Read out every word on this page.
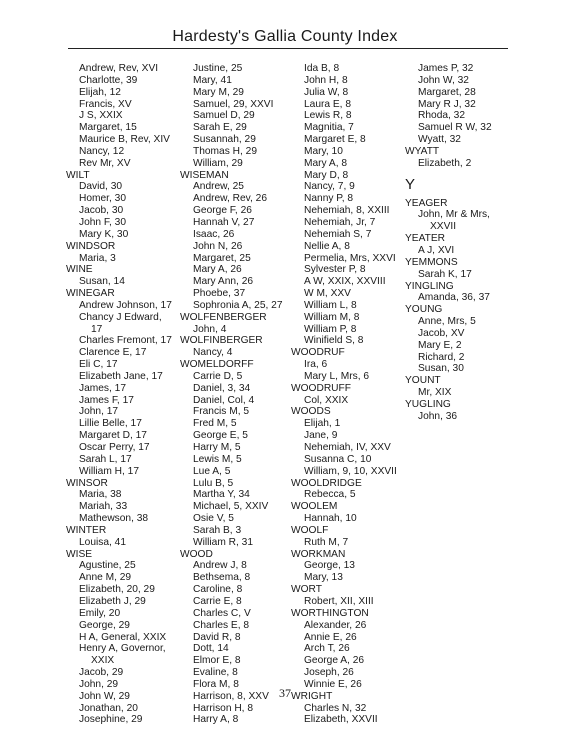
Hardesty's Gallia County Index
Andrew, Rev, XVI
Charlotte, 39
Elijah, 12
Francis, XV
J S, XXIX
Margaret, 15
Maurice B, Rev, XIV
Nancy, 12
Rev Mr, XV
WILT
David, 30
Homer, 30
Jacob, 30
John F, 30
Mary K, 30
WINDSOR
Maria, 3
WINE
Susan, 14
WINEGAR
Andrew Johnson, 17
Chancy J Edward,
17
Charles Fremont, 17
Clarence E, 17
Eli C, 17
Elizabeth Jane, 17
James, 17
James F, 17
John, 17
Lillie Belle, 17
Margaret D, 17
Oscar Perry, 17
Sarah L, 17
William H, 17
WINSOR
Maria, 38
Mariah, 33
Mathewson, 38
WINTER
Louisa, 41
WISE
Agustine, 25
Anne M, 29
Elizabeth, 20, 29
Elizabeth J, 29
Emily, 20
George, 29
H A, General, XXIX
Henry A, Governor,
XXIX
Jacob, 29
John, 29
John W, 29
Jonathan, 20
Josephine, 29
Justine, 25
Mary, 41
Mary M, 29
Samuel, 29, XXVI
Samuel D, 29
Sarah E, 29
Susannah, 29
Thomas H, 29
William, 29
WISEMAN
Andrew, 25
Andrew, Rev, 26
George F, 26
Hannah V, 27
Isaac, 26
John N, 26
Margaret, 25
Mary A, 26
Mary Ann, 26
Phoebe, 37
Sophronia A, 25, 27
WOLFENBERGER
John, 4
WOLFINBERGER
Nancy, 4
WOMELDORFF
Carrie D, 5
Daniel, 3, 34
Daniel, Col, 4
Francis M, 5
Fred M, 5
George E, 5
Harry M, 5
Lewis M, 5
Lue A, 5
Lulu B, 5
Martha Y, 34
Michael, 5, XXIV
Osie V, 5
Sarah B, 3
William R, 31
WOOD
Andrew J, 8
Bethsema, 8
Caroline, 8
Carrie E, 8
Charles C, V
Charles E, 8
David R, 8
Dott, 14
Elmor E, 8
Evaline, 8
Flora M, 8
Harrison, 8, XXV
Harrison H, 8
Harry A, 8
Ida B, 8
John H, 8
Julia W, 8
Laura E, 8
Lewis R, 8
Magnitia, 7
Margaret E, 8
Mary, 10
Mary A, 8
Mary D, 8
Nancy, 7, 9
Nanny P, 8
Nehemiah, 8, XXIII
Nehemiah, Jr, 7
Nehemiah S, 7
Nellie A, 8
Permelia, Mrs, XXVI
Sylvester P, 8
A W, XXIX, XXVIII
W M, XXV
William L, 8
William M, 8
William P, 8
Winifield S, 8
WOODRUF
Ira, 6
Mary L, Mrs, 6
WOODRUFF
Col, XXIX
WOODS
Elijah, 1
Jane, 9
Nehemiah, IV, XXV
Susanna C, 10
William, 9, 10, XXVII
WOOLDRIDGE
Rebecca, 5
WOOLEM
Hannah, 10
WOOLF
Ruth M, 7
WORKMAN
George, 13
Mary, 13
WORT
Robert, XII, XIII
WORTHINGTON
Alexander, 26
Annie E, 26
Arch T, 26
George A, 26
Joseph, 26
Winnie E, 26
WRIGHT
Charles N, 32
Elizabeth, XXVII
James P, 32
John W, 32
Margaret, 28
Mary R J, 32
Rhoda, 32
Samuel R W, 32
Wyatt, 32
WYATT
Elizabeth, 2
Y
YEAGER
John, Mr & Mrs,
XXVII
YEATER
A J, XVI
YEMMONS
Sarah K, 17
YINGLING
Amanda, 36, 37
YOUNG
Anne, Mrs, 5
Jacob, XV
Mary E, 2
Richard, 2
Susan, 30
YOUNT
Mr, XIX
YUGLING
John, 36
37
